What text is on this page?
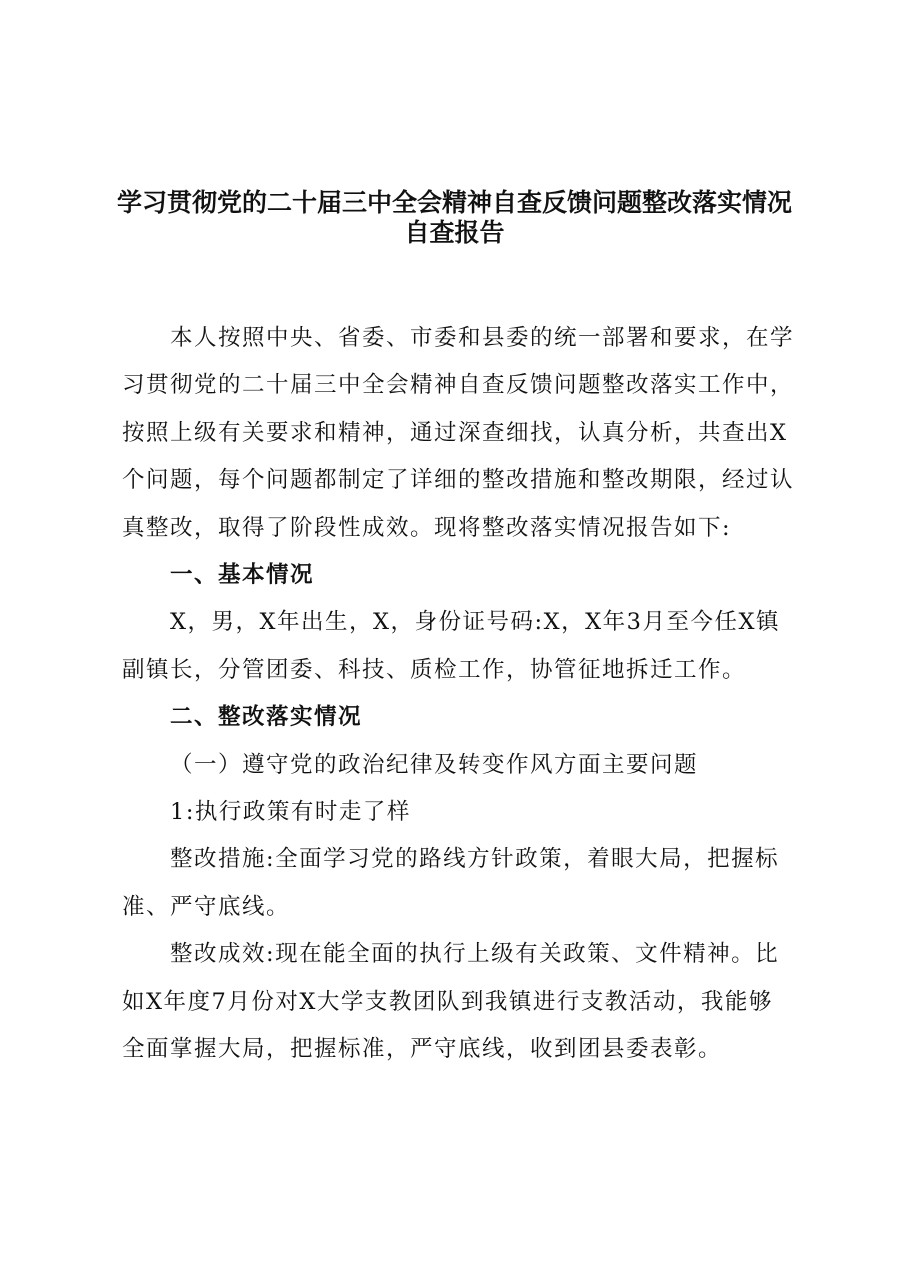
学习贯彻党的二十届三中全会精神自查反馈问题整改落实情况
自查报告

本人按照中央、省委、市委和县委的统一部署和要求，在学习贯彻党的二十届三中全会精神自查反馈问题整改落实工作中，按照上级有关要求和精神，通过深查细找，认真分析，共查出X个问题，每个问题都制定了详细的整改措施和整改期限，经过认真整改，取得了阶段性成效。现将整改落实情况报告如下:

一、基本情况

X，男，X年出生，X，身份证号码:X，X年3月至今任X镇副镇长，分管团委、科技、质检工作，协管征地拆迁工作。

二、整改落实情况

（一）遵守党的政治纪律及转变作风方面主要问题

1:执行政策有时走了样

整改措施:全面学习党的路线方针政策，着眼大局，把握标准、严守底线。

整改成效:现在能全面的执行上级有关政策、文件精神。比如X年度7月份对X大学支教团队到我镇进行支教活动，我能够全面掌握大局，把握标准，严守底线，收到团县委表彰。
